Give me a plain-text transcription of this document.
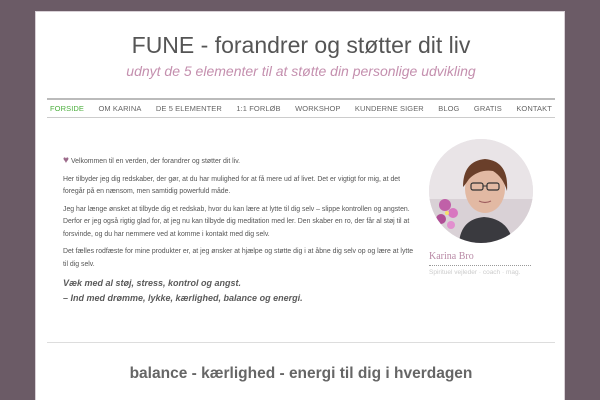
FUNE - forandrer og støtter dit liv
udnyt de 5 elementer til at støtte din personlige udvikling
FORSIDE OM KARINA DE 5 ELEMENTER 1:1 FORLØB WORKSHOP KUNDERNE SIGER BLOG GRATIS KONTAKT

♥ Velkommen til en verden, der forandrer og støtter dit liv.

Her tilbyder jeg dig redskaber, der gør, at du har mulighed for at få mere ud af livet. Det er vigtigt for mig, at det foregår på en nænsom, men samtidig powerfuld måde.

Jeg har længe ønsket at tilbyde dig et redskab, hvor du kan lære at lytte til dig selv – slippe kontrollen og angsten.
Derfor er jeg også rigtig glad for, at jeg nu kan tilbyde dig meditation med ler. Den skaber en ro, der får al støj til at forsvinde, og du har nemmere ved at komme i kontakt med dig selv.

Det fælles rodfæste for mine produkter er, at jeg ønsker at hjælpe og støtte dig i at åbne dig selv op og lære at lytte til dig selv.

Væk med al støj, stress, kontrol og angst.
– Ind med drømme, lykke, kærlighed, balance og energi.

Karina Bro
Spirituel vejleder · coach · mag.
balance - kærlighed - energi til dig i hverdagen
